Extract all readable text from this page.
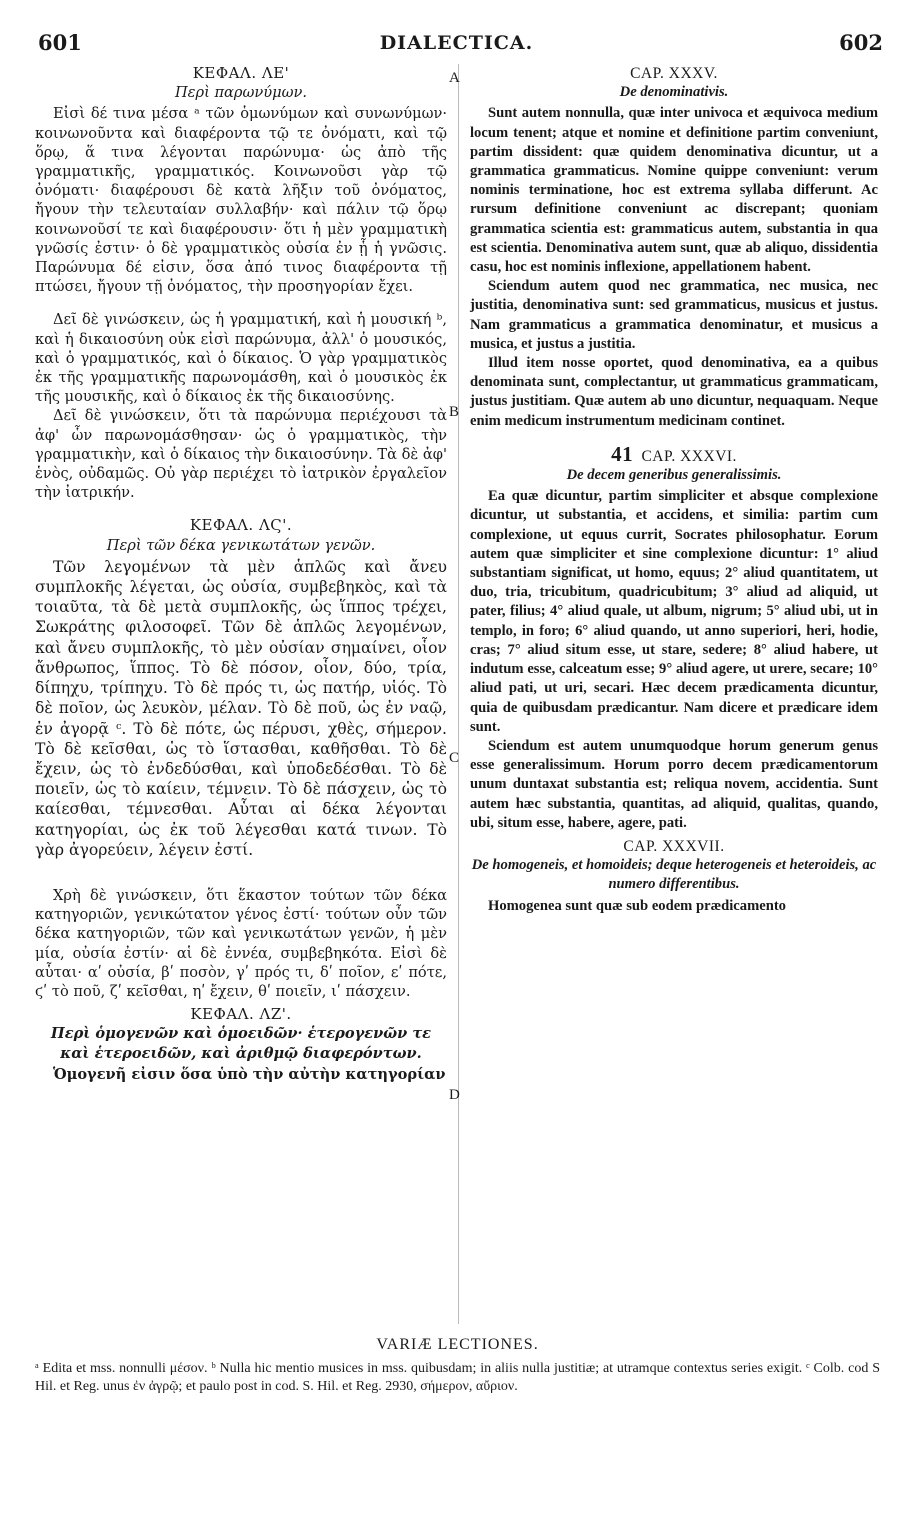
601	DIALECTICA.	602
A
B
C
D
ΚΕΦΑΛ. ΛΕ'
Περὶ παρωνύμων.

Εἰσὶ δέ τινα μέσα ᵃ τῶν ὁμωνύμων καὶ συνωνύμων· κοινωνοῦντα καὶ διαφέροντα τῷ τε ὀνόματι, καὶ τῷ ὅρῳ, ἅ τινα λέγονται παρώνυμα· ὡς ἀπὸ τῆς γραμματικῆς, γραμματικός. Κοινωνοῦσι γὰρ τῷ ὀνόματι· διαφέρουσι δὲ κατὰ λῆξιν τοῦ ὀνόματος, ἤγουν τὴν τελευταίαν συλλαβήν· καὶ πάλιν τῷ ὅρῳ κοινωνοῦσί τε καὶ διαφέρουσιν· ὅτι ἡ μὲν γραμματικὴ γνῶσίς ἐστιν· ὁ δὲ γραμματικὸς οὐσία ἐν ᾗ ἡ γνῶσις. Παρώνυμα δέ εἰσιν, ὅσα ἀπό τινος διαφέροντα τῇ πτώσει, ἤγουν τῇ ὀνόματος, τὴν προσηγορίαν ἔχει.

Δεῖ δὲ γινώσκειν, ὡς ἡ γραμματική, καὶ ἡ μουσική ᵇ, καὶ ἡ δικαιοσύνη οὐκ εἰσὶ παρώνυμα, ἀλλ' ὁ μουσικός, καὶ ὁ γραμματικός, καὶ ὁ δίκαιος. Ὁ γὰρ γραμματικὸς ἐκ τῆς γραμματικῆς παρωνομάσθη, καὶ ὁ μουσικὸς ἐκ τῆς μουσικῆς, καὶ ὁ δίκαιος ἐκ τῆς δικαιοσύνης.

Δεῖ δὲ γινώσκειν, ὅτι τὰ παρώνυμα περιέχουσι τὰ ἀφ' ὧν παρωνομάσθησαν· ὡς ὁ γραμματικὸς, τὴν γραμματικὴν, καὶ ὁ δίκαιος τὴν δικαιοσύνην. Τὰ δὲ ἀφ' ἑνὸς, οὐδαμῶς. Οὐ γὰρ περιέχει τὸ ἰατρικὸν ἐργαλεῖον τὴν ἰατρικήν.

ΚΕΦΑΛ. ΛϚ'.
Περὶ τῶν δέκα γενικωτάτων γενῶν.

Τῶν λεγομένων τὰ μὲν ἁπλῶς καὶ ἄνευ συμπλοκῆς λέγεται, ὡς οὐσία, συμβεβηκὸς, καὶ τὰ τοιαῦτα, τὰ δὲ μετὰ συμπλοκῆς, ὡς ἵππος τρέχει, Σωκράτης φιλοσοφεῖ. Τῶν δὲ ἁπλῶς λεγομένων, καὶ ἄνευ συμπλοκῆς, τὸ μὲν οὐσίαν σημαίνει, οἷον ἄνθρωπος, ἵππος. Τὸ δὲ πόσον, οἷον, δύο, τρία, δίπηχυ, τρίπηχυ. Τὸ δὲ πρός τι, ὡς πατήρ, υἱός. Τὸ δὲ ποῖον, ὡς λευκὸν, μέλαν. Τὸ δὲ ποῦ, ὡς ἐν ναῷ, ἐν ἀγορᾷ ᶜ. Τὸ δὲ πότε, ὡς πέρυσι, χθὲς, σήμερον. Τὸ δὲ κεῖσθαι, ὡς τὸ ἵστασθαι, καθῆσθαι. Τὸ δὲ ἔχειν, ὡς τὸ ἐνδεδύσθαι, καὶ ὑποδεδέσθαι. Τὸ δὲ ποιεῖν, ὡς τὸ καίειν, τέμνειν. Τὸ δὲ πάσχειν, ὡς τὸ καίεσθαι, τέμνεσθαι. Αὗται αἱ δέκα λέγονται κατηγορίαι, ὡς ἐκ τοῦ λέγεσθαι κατά τινων. Τὸ γὰρ ἀγορεύειν, λέγειν ἐστί.

Χρὴ δὲ γινώσκειν, ὅτι ἕκαστον τούτων τῶν δέκα κατηγοριῶν, γενικώτατον γένος ἐστί· τούτων οὖν τῶν δέκα κατηγοριῶν, τῶν καὶ γενικωτάτων γενῶν, ἡ μὲν μία, οὐσία ἐστίν· αἱ δὲ ἐννέα, συμβεβηκότα. Εἰσὶ δὲ αὗται· αʹ οὐσία, βʹ ποσὸν, γʹ πρός τι, δʹ ποῖον, εʹ πότε, ϛʹ τὸ ποῦ, ζʹ κεῖσθαι, ηʹ ἔχειν, θʹ ποιεῖν, ιʹ πάσχειν.

ΚΕΦΑΛ. ΛΖ'.
Περὶ ὁμογενῶν καὶ ὁμοειδῶν· ἑτερογενῶν τε καὶ ἑτεροειδῶν, καὶ ἀριθμῷ διαφερόντων.

Ὁμογενῆ εἰσιν ὅσα ὑπὸ τὴν αὐτὴν κατηγορίαν

CAP. XXXV.
De denominativis.

Sunt autem nonnulla, quæ inter univoca et æquivoca medium locum tenent; atque et nomine et definitione partim conveniunt, partim dissident: quæ quidem denominativa dicuntur, ut a grammatica grammaticus. Nomine quippe conveniunt: verum nominis terminatione, hoc est extrema syllaba differunt. Ac rursum definitione conveniunt ac discrepant; quoniam grammatica scientia est: grammaticus autem, substantia in qua est scientia. Denominativa autem sunt, quæ ab aliquo, dissidentia casu, hoc est nominis inflexione, appellationem habent.

Sciendum autem quod nec grammatica, nec musica, nec justitia, denominativa sunt: sed grammaticus, musicus et justus. Nam grammaticus a grammatica denominatur, et musicus a musica, et justus a justitia.

Illud item nosse oportet, quod denominativa, ea a quibus denominata sunt, complectantur, ut grammaticus grammaticam, justus justitiam. Quæ autem ab uno dicuntur, nequaquam. Neque enim medicum instrumentum medicinam continet.

41 CAP. XXXVI.
De decem generibus generalissimis.

Ea quæ dicuntur, partim simpliciter et absque complexione dicuntur, ut substantia, et accidens, et similia: partim cum complexione, ut equus currit, Socrates philosophatur. Eorum autem quæ simpliciter et sine complexione dicuntur: 1° aliud substantiam significat, ut homo, equus; 2° aliud quantitatem, ut duo, tria, tricubitum, quadricubitum; 3° aliud ad aliquid, ut pater, filius; 4° aliud quale, ut album, nigrum; 5° aliud ubi, ut in templo, in foro; 6° aliud quando, ut anno superiori, heri, hodie, cras; 7° aliud situm esse, ut stare, sedere; 8° aliud habere, ut indutum esse, calceatum esse; 9° aliud agere, ut urere, secare; 10° aliud pati, ut uri, secari. Hæc decem prædicamenta dicuntur, quia de quibusdam prædicantur. Nam dicere et prædicare idem sunt.

Sciendum est autem unumquodque horum generum genus esse generalissimum. Horum porro decem prædicamentorum unum duntaxat substantia est; reliqua novem, accidentia. Sunt autem hæc substantia, quantitas, ad aliquid, qualitas, quando, ubi, situm esse, habere, agere, pati.

CAP. XXXVII.
De homogeneis, et homoideis; deque heterogeneis et heteroideis, ac numero differentibus.

Homogenea sunt quæ sub eodem prædicamento

VARIÆ LECTIONES.

ᵃ Edita et mss. nonnulli μέσον. ᵇ Nulla hic mentio musices in mss. quibusdam; in aliis nulla justitiæ; at utramque contextus series exigit. ᶜ Colb. cod S Hil. et Reg. unus ἐν ἀγρῷ; et paulo post in cod. S. Hil. et Reg. 2930, σήμερον, αὔριον.
